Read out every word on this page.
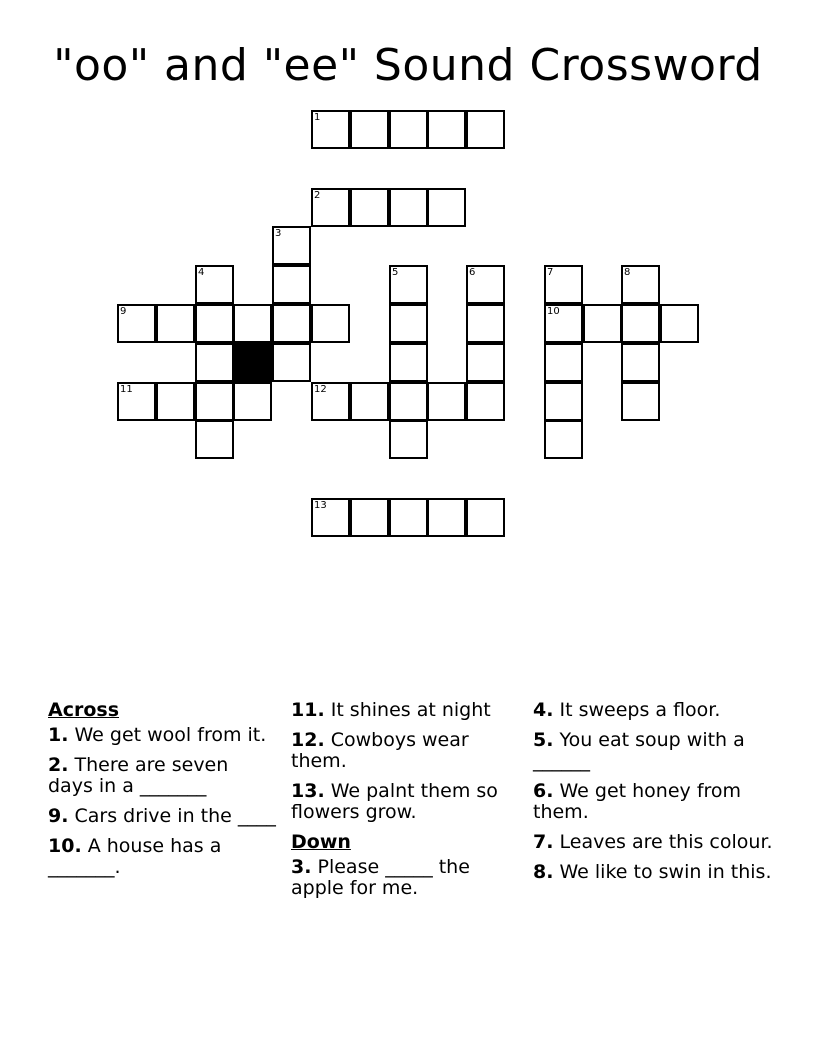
"oo" and "ee" Sound Crossword
1
2
3
4	5	6	7	8
9	10
11	12
13
Across
1. We get wool from it.
2. There are seven days in a _______
9. Cars drive in the ____
10. A house has a _______.
11. It shines at night
12. Cowboys wear them.
13. We palnt them so flowers grow.
Down
3. Please _____ the apple for me.
4. It sweeps a floor.
5. You eat soup with a ______
6. We get honey from them.
7. Leaves are this colour.
8. We like to swin in this.
